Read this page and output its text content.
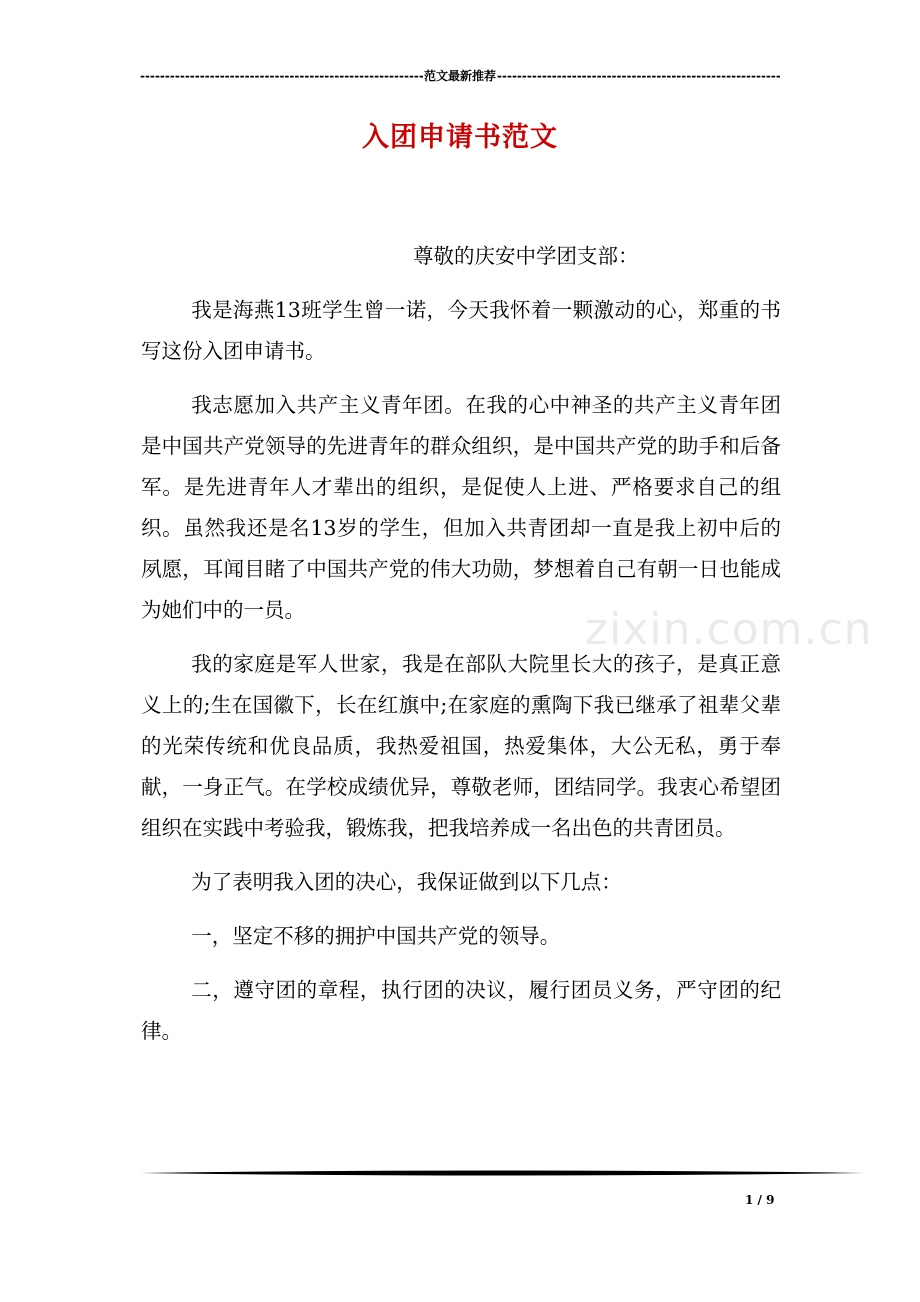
-----
范文最新推荐
-----
入团申请书范文

尊敬的庆安中学团支部：

我是海燕13班学生曾一诺，今天我怀着一颗激动的心，郑重的书写这份入团申请书。

我志愿加入共产主义青年团。在我的心中神圣的共产主义青年团是中国共产党领导的先进青年的群众组织，是中国共产党的助手和后备军。是先进青年人才辈出的组织，是促使人上进、严格要求自己的组织。虽然我还是名13岁的学生，但加入共青团却一直是我上初中后的夙愿，耳闻目睹了中国共产党的伟大功勋，梦想着自己有朝一日也能成为她们中的一员。

我的家庭是军人世家，我是在部队大院里长大的孩子，是真正意义上的;生在国徽下，长在红旗中;在家庭的熏陶下我已继承了祖辈父辈的光荣传统和优良品质，我热爱祖国，热爱集体，大公无私，勇于奉献，一身正气。在学校成绩优异，尊敬老师，团结同学。我衷心希望团组织在实践中考验我，锻炼我，把我培养成一名出色的共青团员。

为了表明我入团的决心，我保证做到以下几点：

一，坚定不移的拥护中国共产党的领导。

二，遵守团的章程，执行团的决议，履行团员义务，严守团的纪律。

zixin.com.cn
1 / 9
